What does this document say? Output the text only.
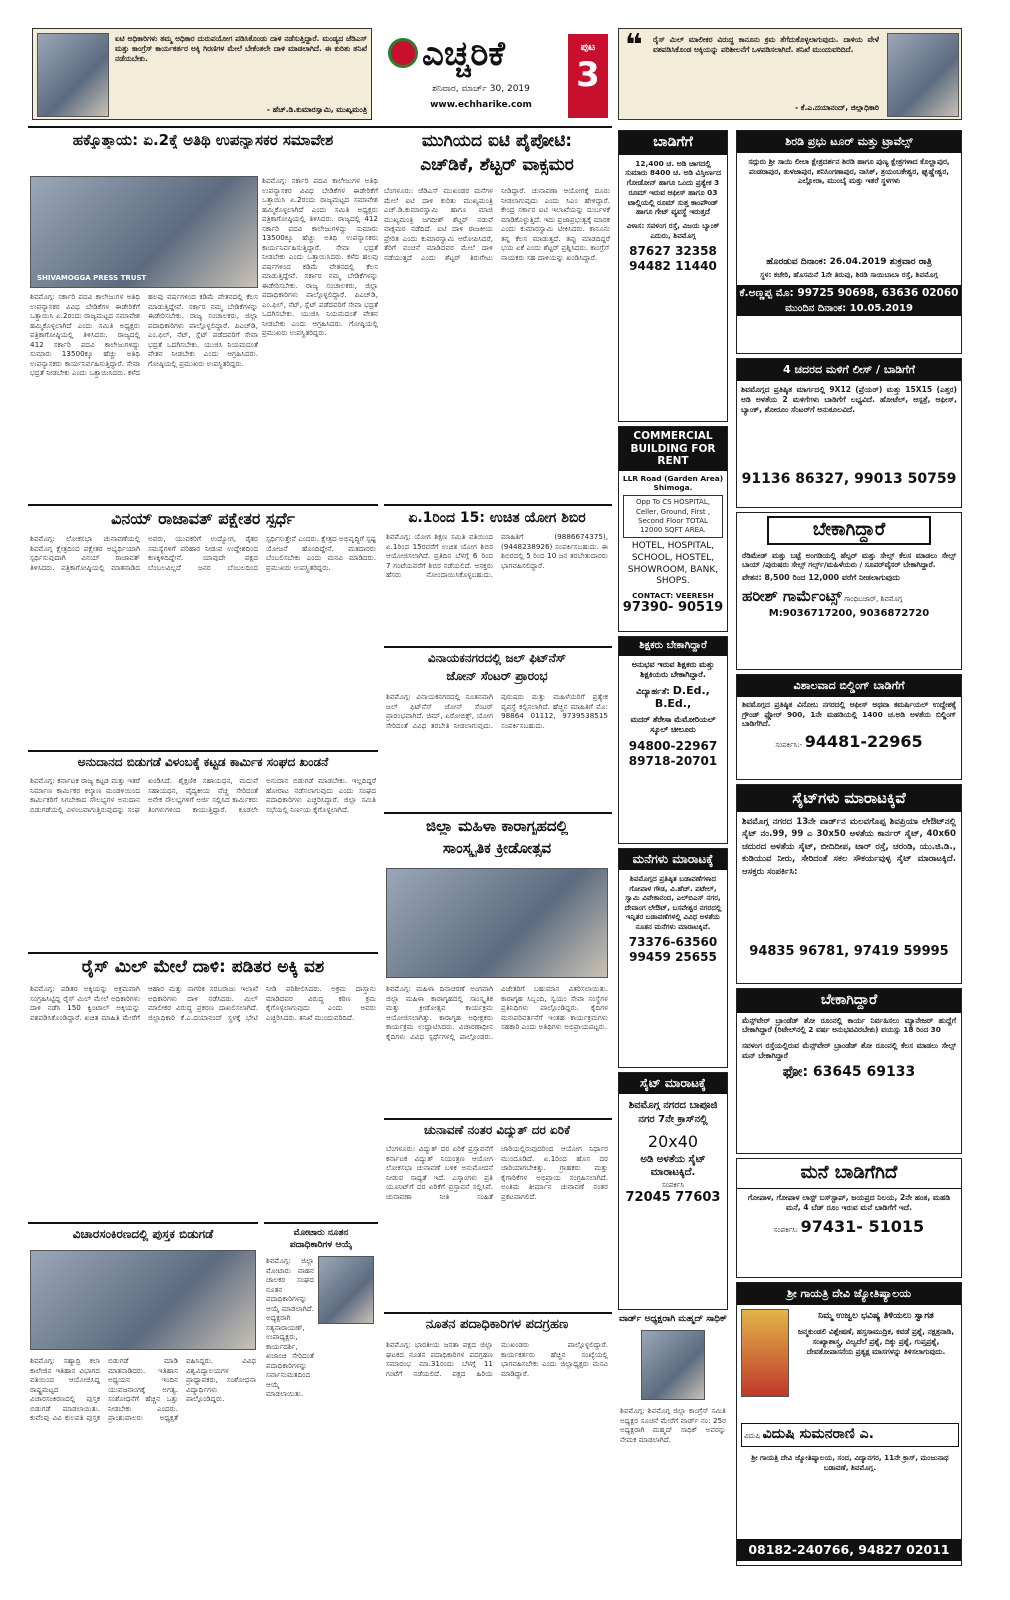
ಐಟಿ ಅಧಿಕಾರಿಗಳು ತಮ್ಮ ಅಧಿಕಾರ ದುರುಪಯೋಗ ಪಡಿಸಿಕೊಂಡು ದಾಳಿ ನಡೆಸುತ್ತಿದ್ದಾರೆ. ಮಂಡ್ಯದ ಜೆಡಿಎಸ್ ಮತ್ತು ಕಾಂಗ್ರೆಸ್ ಕಾರ್ಯಕರ್ತರ ಅಕ್ಕಿ ಗಿರಣಿಗಳ ಮೇಲೆ ಬೇಕೆಂತಲೇ ದಾಳಿ ಮಾಡಲಾಗಿದೆ. ಈ ಕುರಿತು ತನಿಖೆ ನಡೆಯಬೇಕು.
- ಹೆಚ್.ಡಿ.ಕುಮಾರಸ್ವಾಮಿ, ಮುಖ್ಯಮಂತ್ರಿ
ಎಚ್ಚರಿಕೆ	ಪುಟ
3
ಶನಿವಾರ, ಮಾರ್ಚ್ 30, 2019
www.echharike.com
❝ ರೈಸ್ ಮಿಲ್ ಮಾಲೀಕರ ವಿರುದ್ಧ ಕಾನೂನು ಕ್ರಮ ತೆಗೆದುಕೊಳ್ಳಲಾಗುವುದು. ದಾಳಿಯ ವೇಳೆ ವಶಪಡಿಸಿಕೊಂಡ ಅಕ್ಕಿಯನ್ನು ಪರಿಶೀಲನೆಗೆ ಒಳಪಡಿಸಲಾಗಿದೆ. ತನಿಖೆ ಮುಂದುವರಿದಿದೆ.
- ಕೆ.ಎ.ದಯಾನಂದ್, ಜಿಲ್ಲಾಧಿಕಾರಿ
ಹಕ್ಕೊತ್ತಾಯ: ಏ.2ಕ್ಕೆ ಅತಿಥಿ ಉಪನ್ಯಾಸಕರ ಸಮಾವೇಶ
SHIVAMOGGA PRESS TRUST
ಶಿವಮೊಗ್ಗ: ಸರ್ಕಾರಿ ಪದವಿ ಕಾಲೇಜುಗಳ ಅತಿಥಿ ಉಪನ್ಯಾಸಕರ ವಿವಿಧ ಬೇಡಿಕೆಗಳ ಈಡೇರಿಕೆಗೆ ಒತ್ತಾಯಿಸಿ ಏ.2ರಂದು ರಾಜ್ಯಮಟ್ಟದ ಸಮಾವೇಶ ಹಮ್ಮಿಕೊಳ್ಳಲಾಗಿದೆ ಎಂದು ಸಮಿತಿ ಅಧ್ಯಕ್ಷರು ಪತ್ರಿಕಾಗೋಷ್ಠಿಯಲ್ಲಿ ತಿಳಿಸಿದರು. ರಾಜ್ಯದಲ್ಲಿ 412 ಸರ್ಕಾರಿ ಪದವಿ ಕಾಲೇಜುಗಳಿದ್ದು ಸುಮಾರು 13500ಕ್ಕೂ ಹೆಚ್ಚು ಅತಿಥಿ ಉಪನ್ಯಾಸಕರು ಕಾರ್ಯನಿರ್ವಹಿಸುತ್ತಿದ್ದಾರೆ. ಸೇವಾ ಭದ್ರತೆ ನೀಡಬೇಕು ಎಂದು ಒತ್ತಾಯಿಸಿದರು. ಕಳೆದ ಹಲವು ವರ್ಷಗಳಿಂದ ಕಡಿಮೆ ವೇತನದಲ್ಲಿ ಕೆಲಸ ಮಾಡುತ್ತಿದ್ದೇವೆ. ಸರ್ಕಾರ ನಮ್ಮ ಬೇಡಿಕೆಗಳನ್ನು ಈಡೇರಿಸಬೇಕು. ರಾಜ್ಯ ಸಂಚಾಲಕರು, ಜಿಲ್ಲಾ ಪದಾಧಿಕಾರಿಗಳು ಪಾಲ್ಗೊಳ್ಳಲಿದ್ದಾರೆ. ಪಿಎಚ್‌ಡಿ, ಎಂ.ಫಿಲ್, ನೆಟ್, ಸ್ಲೆಟ್ ಪಡೆದವರಿಗೆ ಸೇವಾ ಭದ್ರತೆ ಒದಗಿಸಬೇಕು. ಯುಜಿಸಿ ನಿಯಮದಂತೆ ವೇತನ ನೀಡಬೇಕು ಎಂದು ಆಗ್ರಹಿಸಿದರು. ಗೋಷ್ಠಿಯಲ್ಲಿ ಪ್ರಮುಖರು ಉಪಸ್ಥಿತರಿದ್ದರು.
ಶಿವಮೊಗ್ಗ: ಸರ್ಕಾರಿ ಪದವಿ ಕಾಲೇಜುಗಳ ಅತಿಥಿ ಉಪನ್ಯಾಸಕರ ವಿವಿಧ ಬೇಡಿಕೆಗಳ ಈಡೇರಿಕೆಗೆ ಒತ್ತಾಯಿಸಿ ಏ.2ರಂದು ರಾಜ್ಯಮಟ್ಟದ ಸಮಾವೇಶ ಹಮ್ಮಿಕೊಳ್ಳಲಾಗಿದೆ ಎಂದು ಸಮಿತಿ ಅಧ್ಯಕ್ಷರು ಪತ್ರಿಕಾಗೋಷ್ಠಿಯಲ್ಲಿ ತಿಳಿಸಿದರು. ರಾಜ್ಯದಲ್ಲಿ 412 ಸರ್ಕಾರಿ ಪದವಿ ಕಾಲೇಜುಗಳಿದ್ದು ಸುಮಾರು 13500ಕ್ಕೂ ಹೆಚ್ಚು ಅತಿಥಿ ಉಪನ್ಯಾಸಕರು ಕಾರ್ಯನಿರ್ವಹಿಸುತ್ತಿದ್ದಾರೆ. ಸೇವಾ ಭದ್ರತೆ ನೀಡಬೇಕು ಎಂದು ಒತ್ತಾಯಿಸಿದರು. ಕಳೆದ ಹಲವು ವರ್ಷಗಳಿಂದ ಕಡಿಮೆ ವೇತನದಲ್ಲಿ ಕೆಲಸ ಮಾಡುತ್ತಿದ್ದೇವೆ. ಸರ್ಕಾರ ನಮ್ಮ ಬೇಡಿಕೆಗಳನ್ನು ಈಡೇರಿಸಬೇಕು. ರಾಜ್ಯ ಸಂಚಾಲಕರು, ಜಿಲ್ಲಾ ಪದಾಧಿಕಾರಿಗಳು ಪಾಲ್ಗೊಳ್ಳಲಿದ್ದಾರೆ. ಪಿಎಚ್‌ಡಿ, ಎಂ.ಫಿಲ್, ನೆಟ್, ಸ್ಲೆಟ್ ಪಡೆದವರಿಗೆ ಸೇವಾ ಭದ್ರತೆ ಒದಗಿಸಬೇಕು. ಯುಜಿಸಿ ನಿಯಮದಂತೆ ವೇತನ ನೀಡಬೇಕು ಎಂದು ಆಗ್ರಹಿಸಿದರು. ಗೋಷ್ಠಿಯಲ್ಲಿ ಪ್ರಮುಖರು ಉಪಸ್ಥಿತರಿದ್ದರು.
ಮುಗಿಯದ ಐಟಿ ಪೈಪೋಟಿ:
ಎಚ್‌ಡಿಕೆ, ಶೆಟ್ಟರ್ ವಾಕ್ಸಮರ
ಬೆಂಗಳೂರು: ಜೆಡಿಎಸ್ ಮುಖಂಡರ ಮನೆಗಳ ಮೇಲೆ ಐಟಿ ದಾಳಿ ಕುರಿತು ಮುಖ್ಯಮಂತ್ರಿ ಎಚ್.ಡಿ.ಕುಮಾರಸ್ವಾಮಿ ಹಾಗೂ ಮಾಜಿ ಮುಖ್ಯಮಂತ್ರಿ ಜಗದೀಶ್ ಶೆಟ್ಟರ್ ನಡುವೆ ವಾಕ್ಸಮರ ನಡೆದಿದೆ. ಐಟಿ ದಾಳಿ ರಾಜಕೀಯ ಪ್ರೇರಿತ ಎಂದು ಕುಮಾರಸ್ವಾಮಿ ಆರೋಪಿಸಿದರೆ, ತೆರಿಗೆ ವಂಚನೆ ಮಾಡಿದವರ ಮೇಲೆ ದಾಳಿ ನಡೆಯುತ್ತದೆ ಎಂದು ಶೆಟ್ಟರ್ ತಿರುಗೇಟು ನೀಡಿದ್ದಾರೆ. ಚುನಾವಣಾ ಆಯೋಗಕ್ಕೆ ದೂರು ನೀಡಲಾಗುವುದು ಎಂದು ಸಿಎಂ ಹೇಳಿದ್ದಾರೆ. ಕೇಂದ್ರ ಸರ್ಕಾರ ಐಟಿ ಇಲಾಖೆಯನ್ನು ದುರ್ಬಳಕೆ ಮಾಡಿಕೊಳ್ಳುತ್ತಿದೆ. ಇದು ಪ್ರಜಾಪ್ರಭುತ್ವಕ್ಕೆ ಮಾರಕ ಎಂದು ಕುಮಾರಸ್ವಾಮಿ ಟೀಕಿಸಿದರು. ಕಾನೂನು ತನ್ನ ಕೆಲಸ ಮಾಡುತ್ತದೆ. ತಪ್ಪು ಮಾಡದಿದ್ದರೆ ಭಯ ಏಕೆ ಎಂದು ಶೆಟ್ಟರ್ ಪ್ರಶ್ನಿಸಿದರು. ಕಾಂಗ್ರೆಸ್ ನಾಯಕರು ಸಹ ದಾಳಿಯನ್ನು ಖಂಡಿಸಿದ್ದಾರೆ.
ವಿನಯ್ ರಾಜಾವತ್ ಪಕ್ಷೇತರ ಸ್ಪರ್ಧೆ
ಶಿವಮೊಗ್ಗ: ಲೋಕಸಭಾ ಚುನಾವಣೆಯಲ್ಲಿ ಶಿವಮೊಗ್ಗ ಕ್ಷೇತ್ರದಿಂದ ಪಕ್ಷೇತರ ಅಭ್ಯರ್ಥಿಯಾಗಿ ಸ್ಪರ್ಧಿಸುವುದಾಗಿ ವಿನಯ್ ರಾಜಾವತ್ ತಿಳಿಸಿದರು. ಪತ್ರಿಕಾಗೋಷ್ಠಿಯಲ್ಲಿ ಮಾತನಾಡಿದ ಅವರು, ಯುವಕರಿಗೆ ಉದ್ಯೋಗ, ರೈತರ ಸಮಸ್ಯೆಗಳಿಗೆ ಪರಿಹಾರ ನೀಡುವ ಉದ್ದೇಶದಿಂದ ಕಣಕ್ಕಿಳಿದಿದ್ದೇನೆ. ಯಾವುದೇ ಪಕ್ಷದ ಬೆಂಬಲವಿಲ್ಲದೆ ಜನರ ಬೆಂಬಲದಿಂದ ಸ್ಪರ್ಧಿಸುತ್ತೇನೆ ಎಂದರು. ಕ್ಷೇತ್ರದ ಅಭಿವೃದ್ಧಿಗೆ ಸ್ಪಷ್ಟ ಯೋಜನೆ ಹೊಂದಿದ್ದೇನೆ. ಮತದಾರರು ಬೆಂಬಲಿಸಬೇಕು ಎಂದು ಮನವಿ ಮಾಡಿದರು. ಪ್ರಮುಖರು ಉಪಸ್ಥಿತರಿದ್ದರು.
ಏ.1ರಿಂದ 15: ಉಚಿತ ಯೋಗ ಶಿಬಿರ
ಶಿವಮೊಗ್ಗ: ಯೋಗ ಶಿಕ್ಷಣ ಸಮಿತಿ ವತಿಯಿಂದ ಏ.1ರಿಂದ 15ರವರೆಗೆ ಉಚಿತ ಯೋಗ ಶಿಬಿರ ಆಯೋಜಿಸಲಾಗಿದೆ. ಪ್ರತಿದಿನ ಬೆಳಗ್ಗೆ 6 ರಿಂದ 7 ಗಂಟೆಯವರೆಗೆ ಶಿಬಿರ ನಡೆಯಲಿದೆ. ಆಸಕ್ತರು ಹೆಸರು ನೋಂದಾಯಿಸಿಕೊಳ್ಳಬಹುದು. ಮಾಹಿತಿಗೆ (9886674375), (9448238926) ಸಂಪರ್ಕಿಸಬಹುದು. ಈ ಶಿಬಿರದಲ್ಲಿ 5 ರಿಂದ 10 ಜನ ತರಬೇತುದಾರರು ಭಾಗವಹಿಸಲಿದ್ದಾರೆ.
ವಿನಾಯಕನಗರದಲ್ಲಿ ಜಲ್ ಫಿಟ್‌ನೆಸ್
ಜೋನ್ ಸೆಂಟರ್ ಪ್ರಾರಂಭ
ಶಿವಮೊಗ್ಗ: ವಿನಾಯಕನಗರದಲ್ಲಿ ನೂತನವಾಗಿ ಜಲ್ ಫಿಟ್‌ನೆಸ್ ಜೋನ್ ಸೆಂಟರ್ ಪ್ರಾರಂಭವಾಗಿದೆ. ಜಿಮ್, ಏರೋಬಿಕ್ಸ್, ಯೋಗ ಸೇರಿದಂತೆ ವಿವಿಧ ತರಬೇತಿ ನೀಡಲಾಗುವುದು. ಪುರುಷರು ಮತ್ತು ಮಹಿಳೆಯರಿಗೆ ಪ್ರತ್ಯೇಕ ವ್ಯವಸ್ಥೆ ಕಲ್ಪಿಸಲಾಗಿದೆ. ಹೆಚ್ಚಿನ ಮಾಹಿತಿಗೆ ಮೊ: 98864 01112, 9739538515 ಸಂಪರ್ಕಿಸಬಹುದು.
ಅನುದಾನದ ಬಿಡುಗಡೆ ವಿಳಂಬಕ್ಕೆ ಕಟ್ಟಡ ಕಾರ್ಮಿಕ ಸಂಘದ ಖಂಡನೆ
ಶಿವಮೊಗ್ಗ: ಕರ್ನಾಟಕ ರಾಜ್ಯ ಕಟ್ಟಡ ಮತ್ತು ಇತರೆ ನಿರ್ಮಾಣ ಕಾರ್ಮಿಕರ ಕಲ್ಯಾಣ ಮಂಡಳಿಯಿಂದ ಕಾರ್ಮಿಕರಿಗೆ ಸಿಗಬೇಕಾದ ಸೌಲಭ್ಯಗಳ ಅನುದಾನ ಬಿಡುಗಡೆಯಲ್ಲಿ ವಿಳಂಬವಾಗುತ್ತಿರುವುದನ್ನು ಸಂಘ ಖಂಡಿಸಿದೆ. ಶೈಕ್ಷಣಿಕ ಸಹಾಯಧನ, ಮದುವೆ ಸಹಾಯಧನ, ವೈದ್ಯಕೀಯ ವೆಚ್ಚ ಸೇರಿದಂತೆ ಅನೇಕ ಸೌಲಭ್ಯಗಳಿಗೆ ಅರ್ಜಿ ಸಲ್ಲಿಸಿದ ಕಾರ್ಮಿಕರು ತಿಂಗಳುಗಳಿಂದ ಕಾಯುತ್ತಿದ್ದಾರೆ. ಕೂಡಲೇ ಅನುದಾನ ಬಿಡುಗಡೆ ಮಾಡಬೇಕು. ಇಲ್ಲದಿದ್ದರೆ ಹೋರಾಟ ನಡೆಸಲಾಗುವುದು ಎಂದು ಸಂಘದ ಪದಾಧಿಕಾರಿಗಳು ಎಚ್ಚರಿಸಿದ್ದಾರೆ. ಜಿಲ್ಲಾ ಸಮಿತಿ ಸಭೆಯಲ್ಲಿ ನಿರ್ಣಯ ಕೈಗೊಳ್ಳಲಾಗಿದೆ.
ಜಿಲ್ಲಾ ಮಹಿಳಾ ಕಾರಾಗೃಹದಲ್ಲಿ
ಸಾಂಸ್ಕೃತಿಕ ಕ್ರೀಡೋತ್ಸವ
ಶಿವಮೊಗ್ಗ: ಮಹಿಳಾ ದಿನಾಚರಣೆ ಅಂಗವಾಗಿ ಜಿಲ್ಲಾ ಮಹಿಳಾ ಕಾರಾಗೃಹದಲ್ಲಿ ಸಾಂಸ್ಕೃತಿಕ ಮತ್ತು ಕ್ರೀಡೋತ್ಸವ ಕಾರ್ಯಕ್ರಮ ಆಯೋಜಿಸಲಾಗಿತ್ತು. ಕಾರಾಗೃಹ ಅಧೀಕ್ಷಕರು ಕಾರ್ಯಕ್ರಮ ಉದ್ಘಾಟಿಸಿದರು. ವಿಚಾರಣಾಧೀನ ಕೈದಿಗಳು ವಿವಿಧ ಸ್ಪರ್ಧೆಗಳಲ್ಲಿ ಪಾಲ್ಗೊಂಡರು. ವಿಜೇತರಿಗೆ ಬಹುಮಾನ ವಿತರಿಸಲಾಯಿತು. ಕಾರಾಗೃಹ ಸಿಬ್ಬಂದಿ, ಸ್ವಯಂ ಸೇವಾ ಸಂಸ್ಥೆಗಳ ಪ್ರತಿನಿಧಿಗಳು ಪಾಲ್ಗೊಂಡಿದ್ದರು. ಕೈದಿಗಳ ಮನಃಪರಿವರ್ತನೆಗೆ ಇಂತಹ ಕಾರ್ಯಕ್ರಮಗಳು ಸಹಕಾರಿ ಎಂದು ಅತಿಥಿಗಳು ಅಭಿಪ್ರಾಯಪಟ್ಟರು.
ರೈಸ್ ಮಿಲ್ ಮೇಲೆ ದಾಳಿ: ಪಡಿತರ ಅಕ್ಕಿ ವಶ
ಶಿವಮೊಗ್ಗ: ಪಡಿತರ ಅಕ್ಕಿಯನ್ನು ಅಕ್ರಮವಾಗಿ ಸಂಗ್ರಹಿಸಿಟ್ಟಿದ್ದ ರೈಸ್ ಮಿಲ್ ಮೇಲೆ ಅಧಿಕಾರಿಗಳು ದಾಳಿ ನಡೆಸಿ 150 ಕ್ವಿಂಟಾಲ್ ಅಕ್ಕಿಯನ್ನು ವಶಪಡಿಸಿಕೊಂಡಿದ್ದಾರೆ. ಖಚಿತ ಮಾಹಿತಿ ಮೇರೆಗೆ ಆಹಾರ ಮತ್ತು ನಾಗರಿಕ ಸರಬರಾಜು ಇಲಾಖೆ ಅಧಿಕಾರಿಗಳು ದಾಳಿ ನಡೆಸಿದರು. ಮಿಲ್ ಮಾಲೀಕರ ವಿರುದ್ಧ ಪ್ರಕರಣ ದಾಖಲಿಸಲಾಗಿದೆ. ಜಿಲ್ಲಾಧಿಕಾರಿ ಕೆ.ಎ.ದಯಾನಂದ್ ಸ್ಥಳಕ್ಕೆ ಭೇಟಿ ನೀಡಿ ಪರಿಶೀಲಿಸಿದರು. ಅಕ್ರಮ ದಾಸ್ತಾನು ಮಾಡಿದವರ ವಿರುದ್ಧ ಕಠಿಣ ಕ್ರಮ ಕೈಗೊಳ್ಳಲಾಗುವುದು ಎಂದು ಅವರು ಎಚ್ಚರಿಸಿದರು. ತನಿಖೆ ಮುಂದುವರಿದಿದೆ.
ಚುನಾವಣೆ ನಂತರ ವಿದ್ಯುತ್ ದರ ಏರಿಕೆ
ಬೆಂಗಳೂರು: ವಿದ್ಯುತ್ ದರ ಏರಿಕೆ ಪ್ರಸ್ತಾವನೆಗೆ ಕರ್ನಾಟಕ ವಿದ್ಯುತ್ ನಿಯಂತ್ರಣ ಆಯೋಗ ಲೋಕಸಭಾ ಚುನಾವಣೆ ಬಳಿಕ ಅನುಮೋದನೆ ನೀಡುವ ಸಾಧ್ಯತೆ ಇದೆ. ಎಸ್ಕಾಂಗಳು ಪ್ರತಿ ಯೂನಿಟ್‌ಗೆ ದರ ಏರಿಕೆಗೆ ಪ್ರಸ್ತಾವನೆ ಸಲ್ಲಿಸಿವೆ. ಚುನಾವಣಾ ನೀತಿ ಸಂಹಿತೆ ಜಾರಿಯಲ್ಲಿರುವುದರಿಂದ ಆಯೋಗ ನಿರ್ಧಾರ ಮುಂದೂಡಿದೆ. ಏ.1ರಿಂದ ಹೊಸ ದರ ಜಾರಿಯಾಗಬೇಕಿತ್ತು. ಗ್ರಾಹಕರು ಮತ್ತು ಕೈಗಾರಿಕೆಗಳ ಅಭಿಪ್ರಾಯ ಸಂಗ್ರಹಿಸಲಾಗಿದೆ. ಅಂತಿಮ ತೀರ್ಮಾನ ಚುನಾವಣೆ ನಂತರ ಪ್ರಕಟವಾಗಲಿದೆ.
ವಿಚಾರಸಂಕಿರಣದಲ್ಲಿ ಪುಸ್ತಕ ಬಿಡುಗಡೆ
ಶಿವಮೊಗ್ಗ: ಸಹ್ಯಾದ್ರಿ ಕಲಾ ಕಾಲೇಜಿನ ಇತಿಹಾಸ ವಿಭಾಗದ ವತಿಯಿಂದ ಆಯೋಜಿಸಿದ್ದ ರಾಷ್ಟ್ರಮಟ್ಟದ ವಿಚಾರಸಂಕಿರಣದಲ್ಲಿ ಪುಸ್ತಕ ಬಿಡುಗಡೆ ಮಾಡಲಾಯಿತು. ಕುವೆಂಪು ವಿವಿ ಕುಲಪತಿ ಪುಸ್ತಕ ಬಿಡುಗಡೆ ಮಾಡಿ ಮಾತನಾಡಿದರು. ಇತಿಹಾಸ ಅಧ್ಯಯನ ಇಂದಿನ ಯುವಜನಾಂಗಕ್ಕೆ ಅಗತ್ಯ. ಸಂಶೋಧನೆಗೆ ಹೆಚ್ಚಿನ ಒತ್ತು ನೀಡಬೇಕು ಎಂದರು. ಪ್ರಾಂಶುಪಾಲರು ಅಧ್ಯಕ್ಷತೆ ವಹಿಸಿದ್ದರು. ವಿವಿಧ ವಿಶ್ವವಿದ್ಯಾಲಯಗಳ ಪ್ರಾಧ್ಯಾಪಕರು, ಸಂಶೋಧನಾ ವಿದ್ಯಾರ್ಥಿಗಳು ಪಾಲ್ಗೊಂಡಿದ್ದರು.
ಮೋಟಾರು ನೂತನ
ಪದಾಧಿಕಾರಿಗಳ ಆಯ್ಕೆ
ಶಿವಮೊಗ್ಗ: ಜಿಲ್ಲಾ ಮೋಟಾರು ವಾಹನ ಚಾಲಕರ ಸಂಘದ ನೂತನ ಪದಾಧಿಕಾರಿಗಳನ್ನು ಆಯ್ಕೆ ಮಾಡಲಾಗಿದೆ. ಅಧ್ಯಕ್ಷರಾಗಿ ಸತ್ಯನಾರಾಯಣ್, ಉಪಾಧ್ಯಕ್ಷರು, ಕಾರ್ಯದರ್ಶಿ, ಖಜಾಂಚಿ ಸೇರಿದಂತೆ ಪದಾಧಿಕಾರಿಗಳನ್ನು ಸರ್ವಾನುಮತದಿಂದ ಆಯ್ಕೆ ಮಾಡಲಾಯಿತು.
ನೂತನ ಪದಾಧಿಕಾರಿಗಳ ಪದಗ್ರಹಣ
ಶಿವಮೊಗ್ಗ: ಭಾರತೀಯ ಜನತಾ ಪಕ್ಷದ ಜಿಲ್ಲಾ ಘಟಕದ ನೂತನ ಪದಾಧಿಕಾರಿಗಳ ಪದಗ್ರಹಣ ಸಮಾರಂಭ ಮಾ.31ರಂದು ಬೆಳಗ್ಗೆ 11 ಗಂಟೆಗೆ ನಡೆಯಲಿದೆ. ಪಕ್ಷದ ಹಿರಿಯ ಮುಖಂಡರು ಪಾಲ್ಗೊಳ್ಳಲಿದ್ದಾರೆ. ಕಾರ್ಯಕರ್ತರು ಹೆಚ್ಚಿನ ಸಂಖ್ಯೆಯಲ್ಲಿ ಭಾಗವಹಿಸಬೇಕು ಎಂದು ಜಿಲ್ಲಾಧ್ಯಕ್ಷರು ಮನವಿ ಮಾಡಿದ್ದಾರೆ.
ಬಾಡಿಗೆಗೆ
12,400 ಚ. ಅಡಿ ಜಾಗದಲ್ಲಿ ಸುಮಾರು 8400 ಚ. ಅಡಿ ವಿಸ್ತೀರ್ಣದ ಗೋಡೋನ್ ಹಾಗೂ ಒಂದು ಪ್ರತ್ಯೇಕ 3 ರೂಮ್ ಇರುವ ಆಫೀಸ್ ಹಾಗೂ 03 ಟಾಲ್ಲಿಯಲ್ಲಿ ರೂಮ್ ಸುತ್ತ ಕಾಂಪೌಂಡ್ ಹಾಗೂ ಗೇಟ್ ವ್ಯವಸ್ಥೆ ಇರುತ್ತದೆ
ವಿಳಾಸ: ಸವಳಂಗ ರಸ್ತೆ, ವಿಜಯ ಬ್ಯಾಂಕ್ ಎದುರು, ಶಿವಮೊಗ್ಗ
87627 32358
94482 11440
COMMERCIAL BUILDING FOR RENT
LLR Road (Garden Area) Shimoga.
Opp To CS HOSPITAL, Celler, Ground, First , Second Floor TOTAL 12000 SQFT AREA.
HOTEL, HOSPITAL, SCHOOL, HOSTEL, SHOWROOM, BANK, SHOPS.
CONTACT: VEERESH
97390- 90519
ಶಿಕ್ಷಕರು ಬೇಕಾಗಿದ್ದಾರೆ
ಅನುಭವ ಇರುವ ಶಿಕ್ಷಕರು ಮತ್ತು ಶಿಕ್ಷಕಿಯರು ಬೇಕಾಗಿದ್ದಾರೆ.
ವಿದ್ಯಾರ್ಹತೆ: D.Ed., B.Ed.,
ಮದರ್ ತೆರೇಸಾ ಮೆಮೋರಿಯಲ್ ಸ್ಕೂಲ್ ಚೀಲೂರು
94800-22967
89718-20701
ಮನೆಗಳು ಮಾರಾಟಕ್ಕೆ
ಶಿವಮೊಗ್ಗದ ಪ್ರತಿಷ್ಠಿತ ಬಡಾವಣೆಗಳಾದ ಗೋಪಾಳ ಗೌಡ, ವಿ.ಹೆಚ್. ಪಟೇಲ್, ಸ್ವಾಮಿ ವಿವೇಕಾನಂದ, ಎಲ್‌ಬಿಎಸ್ ನಗರ, ದೇವಾಂಗ ಲೇಔಟ್, ಬಸವೇಶ್ವರ ನಗರದಲ್ಲಿ ಇನ್ನಿತರ ಬಡಾವಣೆಗಳಲ್ಲಿ ವಿವಿಧ ಅಳತೆಯ ನೂತನ ಮನೆಗಳು ಮಾರಾಟಕ್ಕಿವೆ.
73376-63560
99459 25655
ಸೈಟ್ ಮಾರಾಟಕ್ಕೆ
ಶಿವಮೊಗ್ಗ ನಗರದ ಬಾಪೂಜಿ ನಗರ 7ನೇ ಕ್ರಾಸ್‌ನಲ್ಲಿ
20x40
ಅಡಿ ಅಳತೆಯ ಸೈಟ್ ಮಾರಾಟಕ್ಕಿದೆ.
ಸಂಪರ್ಕಿಸಿ
72045 77603
ವಾರ್ಡ್ ಅಧ್ಯಕ್ಷರಾಗಿ ಮಹ್ಮದ್ ಸಾಧಿಕ್
ಶಿವಮೊಗ್ಗ: ಶಿವಮೊಗ್ಗ ಜಿಲ್ಲಾ ಕಾಂಗ್ರೆಸ್ ಸಮಿತಿ ಅಧ್ಯಕ್ಷರ ಸೂಚನೆ ಮೇರೆಗೆ ವಾರ್ಡ್ ನಂ: 25ರ ಅಧ್ಯಕ್ಷರಾಗಿ ಮಹ್ಮದ್ ಸಾಧಿಕ್ ಅವರನ್ನು ನೇಮಕ ಮಾಡಲಾಗಿದೆ.
ಶಿರಡಿ ಪ್ರಭು ಟೂರ್ ಮತ್ತು ಟ್ರಾವೆಲ್ಸ್
ಸದ್ಗುರು ಶ್ರೀ ಸಾಯಿ ಲೀಲಾ ಕ್ಷೇತ್ರದರ್ಶನ ಶಿರಡಿ ಹಾಗೂ ಪುಣ್ಯ ಕ್ಷೇತ್ರಗಳಾದ ಕೊಲ್ಹಾಪುರ, ಪಂಡರಾಪುರ, ತುಳಜಾಪುರ, ಶನಿಸಿಂಗಣಾಪುರ, ನಾಸಿಕ್, ತ್ರಯಂಬಕೇಶ್ವರ, ಘೃಷ್ಣೇಶ್ವರ, ಎಲ್ಲೋರಾ, ಮುಂಬೈ ಮತ್ತು ಇತರೆ ಸ್ಥಳಗಳು
ಹೊರಡುವ ದಿನಾಂಕ: 26.04.2019 ಶುಕ್ರವಾರ ರಾತ್ರಿ
ಸ್ಥಳ: ಕಚೇರಿ, ಹೊಸಮನೆ 1ನೇ ತಿರುವು, ಶಿರಡಿ ಸಾಯಿಬಾಬಾ ರಸ್ತೆ, ಶಿವಮೊಗ್ಗ
ಕೆ.ಅಣ್ಣಪ್ಪ ಮೊ: 99725 90698, 63636 02060
ಮುಂದಿನ ದಿನಾಂಕ: 10.05.2019
4 ಚದರದ ಮಳಿಗೆ ಲೀಸ್ / ಬಾಡಿಗೆಗೆ
ಶಿವಮೊಗ್ಗದ ಪ್ರತಿಷ್ಠಿತ ಮಾರ್ಗದಲ್ಲಿ 9X12 (ಪ್ರೆಯರ್) ಮತ್ತು 15X15 (ಎತ್ತರ) ಅಡಿ ಅಳತೆಯ 2 ಮಳಿಗೆಗಳು ಬಾಡಿಗೆಗೆ ಲಭ್ಯವಿದೆ. ಹೋಟೆಲ್, ಆಸ್ಪತ್ರೆ, ಆಫೀಸ್, ಬ್ಯಾಂಕ್, ಶೋರೂಂ ಸೆಂಟರ್‌ಗೆ ಅನುಕೂಲವಿದೆ.
91136 86327, 99013 50759
ಬೇಕಾಗಿದ್ದಾರೆ
ರೆಡಿಮೇಡ್ ಮತ್ತು ಬಟ್ಟೆ ಅಂಗಡಿಯಲ್ಲಿ ಹೆಲ್ಪರ್ ಮತ್ತು ಸೇಲ್ಸ್ ಕೆಲಸ ಮಾಡಲು ಸೇಲ್ಸ್ ಬಾಯ್ /ಪುರುಷರು ಸೇಲ್ಸ್ ಗರ್ಲ್ಸ್/ಮಹಿಳೆಯರು / ಸೂಪರ್‌ವೈಸರ್ ಬೇಕಾಗಿದ್ದಾರೆ.
ವೇತನ: 8,500 ರಿಂದ 12,000 ವರೆಗೆ ನೀಡಲಾಗುವುದು
ಹರೀಶ್ ಗಾರ್ಮೆಂಟ್ಸ್ ಗಾಂಧಿಬಜಾರ್, ಶಿವಮೊಗ್ಗ
M:9036717200, 9036872720
ವಿಶಾಲವಾದ ಬಿಲ್ಡಿಂಗ್ ಬಾಡಿಗೆಗೆ
ಶಿವಮೊಗ್ಗದ ಪ್ರತಿಷ್ಠಿತ ವಿನೋಬ ನಗರದಲ್ಲಿ ಆಫೀಸ್ ಅಥವಾ ಕಮರ್ಷಿಯಲ್ ಉದ್ದೇಶಕ್ಕೆ ಗ್ರೌಂಡ್ ಫ್ಲೋರ್ 900, 1ನೇ ಮಹಡಿಯಲ್ಲಿ 1400 ಚ.ಅಡಿ ಅಳತೆಯ ಬಿಲ್ಡಿಂಗ್ ಬಾಡಿಗೆಗಿದೆ.
ಸಂಪರ್ಕಿಸಿ:- 94481-22965
ಸೈಟ್‌ಗಳು ಮಾರಾಟಕ್ಕಿವೆ
ಶಿವಮೊಗ್ಗ ನಗರದ 13ನೇ ವಾರ್ಡ್‌ನ ಮಲವಗೊಪ್ಪ ಶಿವಪ್ರಿಯಾ ಲೇಔಟ್‌ನಲ್ಲಿ ಸೈಟ್ ನಂ.99, 99 ಎ 30x50 ಅಳತೆಯ ಕಾರ್ನರ್ ಸೈಟ್, 40x60 ಚದುರದ ಅಳತೆಯ ಸೈಟ್, ಬೀದಿದೀಪ, ಟಾರ್ ರಸ್ತೆ, ಚರಂಡಿ, ಯು.ಜಿ.ಡಿ., ಕುಡಿಯುವ ನೀರು, ಸೇರಿದಂತೆ ಸಕಲ ಸೌಕರ್ಯವುಳ್ಳ ಸೈಟ್ ಮಾರಾಟಕ್ಕಿದೆ. ಆಸಕ್ತರು ಸಂಪರ್ಕಿಸಿ:
94835 96781, 97419 59995
ಬೇಕಾಗಿದ್ದಾರೆ
ಮೆನ್ಸ್‌ವೇರ್ ಬ್ರಾಂಡೆಡ್ ಶೋ ರೂಂನಲ್ಲಿ ಕಾರ್ಯ ನಿರ್ವಹಿಸಲು ಮ್ಯಾನೇಜರ್ ಹುದ್ದೆಗೆ ಬೇಕಾಗಿದ್ದಾರೆ (ರಿಟೇಲ್‌ನಲ್ಲಿ 2 ವರ್ಷ ಅನುಭವವಿರಬೇಕು) ವಯಸ್ಸು 18 ರಿಂದ 30
ಸವಳಂಗ ರಸ್ತೆಯಲ್ಲಿರುವ ಮೆನ್ಸ್‌ವೇರ್ ಬ್ರಾಂಡೆಡ್ ಶೋ ರೂಂನಲ್ಲಿ ಕೆಲಸ ಮಾಡಲು ಸೇಲ್ಸ್ ಮನ್ ಬೇಕಾಗಿದ್ದಾರೆ
ಫೋ: 63645 69133
ಮನೆ ಬಾಡಿಗೆಗಿದೆ
ಗೋಪಾಳ, ಗೋಪಾಳ ಲಾಸ್ಟ್ ಬಸ್‌ಸ್ಟಾಪ್, ಜಯಪ್ರದ ನಿಲಯ, 2ನೇ ಹಂತ, ಮಹಡಿ ಮನೆ, 4 ಬೆಡ್ ರೂಂ ಇರುವ ಮನೆ ಬಾಡಿಗೆಗೆ ಇದೆ.
ಸಂಪರ್ಕಿಸಿ: 97431- 51015
ಶ್ರೀ ಗಾಯತ್ರಿ ದೇವಿ ಜ್ಯೋತಿಷ್ಯಾಲಯ
ನಿಮ್ಮ ಉಜ್ವಲ ಭವಿಷ್ಯ ತಿಳಿಯಲು ಸ್ವಾಗತ
ಜನ್ಮಕುಂಡಲಿ ವಿಶ್ಲೇಷಣೆ, ಹಸ್ತಸಾಮುದ್ರಿಕ, ಕವಡೆ ಪ್ರಶ್ನೆ, ನಕ್ಷತ್ರನಾಡಿ, ಸಂಖ್ಯಾಶಾಸ್ತ್ರ, ವಿಲ್ವದೆಲೆ ಪ್ರಶ್ನೆ, ದಿಕ್ಕು ಪ್ರಶ್ನೆ, ಗುಪ್ತಪ್ರಶ್ನೆ, ದೇವತೋಪಾಸನೆಯ ಪ್ರತ್ಯಕ್ಷ ಮಾಸಗಳನ್ನು ತಿಳಿಸಲಾಗುವುದು.
ವಿದುಷಿ ವಿದುಷಿ ಸುಮನರಾಣಿ ಎ.
ಶ್ರೀ ಗಾಯತ್ರಿ ದೇವಿ ಜ್ಯೋತಿಷ್ಯಾಲಯ, ಸಂದ, ವಿದ್ಯಾನಗರ, 11ನೇ ಕ್ರಾಸ್, ಮಂಜುನಾಥ ಬಡಾವಣೆ, ಶಿವಮೊಗ್ಗ.
08182-240766, 94827 02011
